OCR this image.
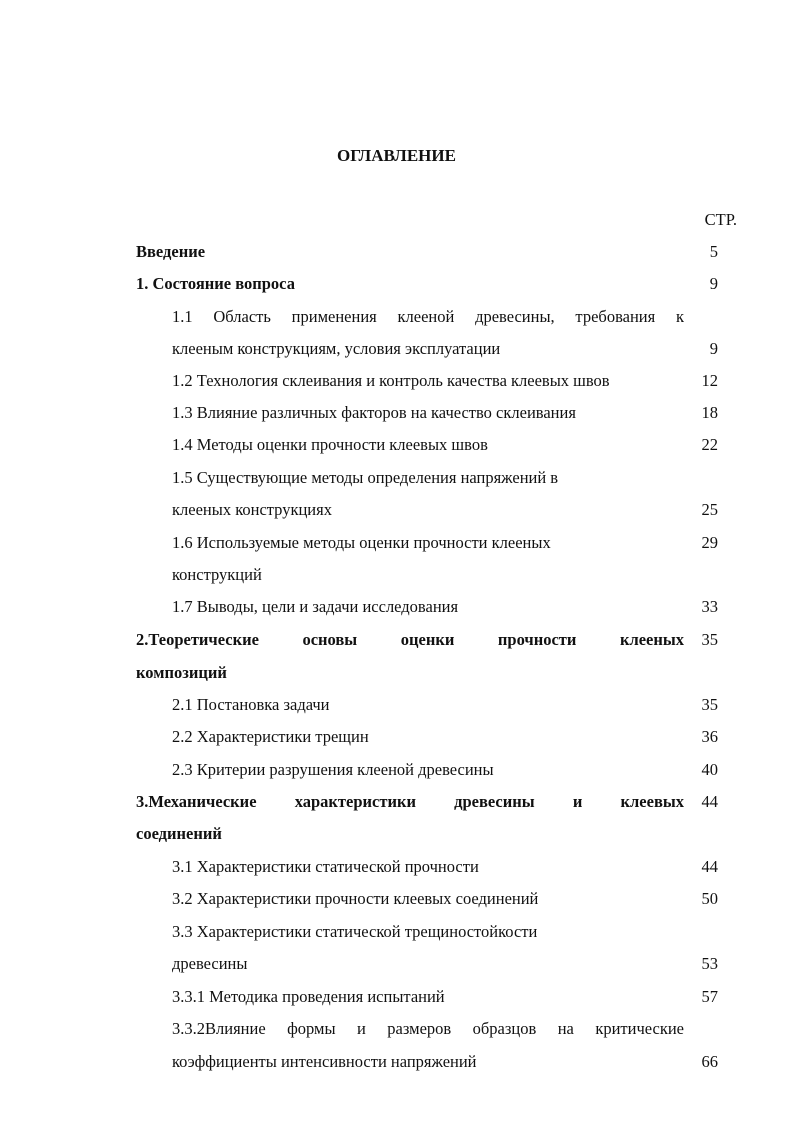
ОГЛАВЛЕНИЕ
СТР.
Введение	5
1. Состояние вопроса	9
1.1 Область применения клееной древесины, требования к
клееным конструкциям, условия эксплуатации	9
1.2 Технология склеивания и контроль качества клеевых швов	12
1.3 Влияние различных факторов на качество склеивания	18
1.4 Методы оценки прочности клеевых швов	22
1.5 Существующие методы определения напряжений в
клееных конструкциях	25
1.6 Используемые методы оценки прочности клееных	29
конструкций
1.7 Выводы, цели и задачи исследования	33
2.Теоретические основы оценки прочности клееных	35
композиций
2.1 Постановка задачи	35
2.2 Характеристики трещин	36
2.3 Критерии разрушения клееной древесины	40
3.Механические характеристики древесины и клеевых	44
соединений
3.1 Характеристики статической прочности	44
3.2 Характеристики прочности клеевых соединений	50
3.3 Характеристики статической трещиностойкости
древесины	53
3.3.1 Методика проведения испытаний	57
3.3.2Влияние формы и размеров образцов на критические
коэффициенты интенсивности напряжений	66
